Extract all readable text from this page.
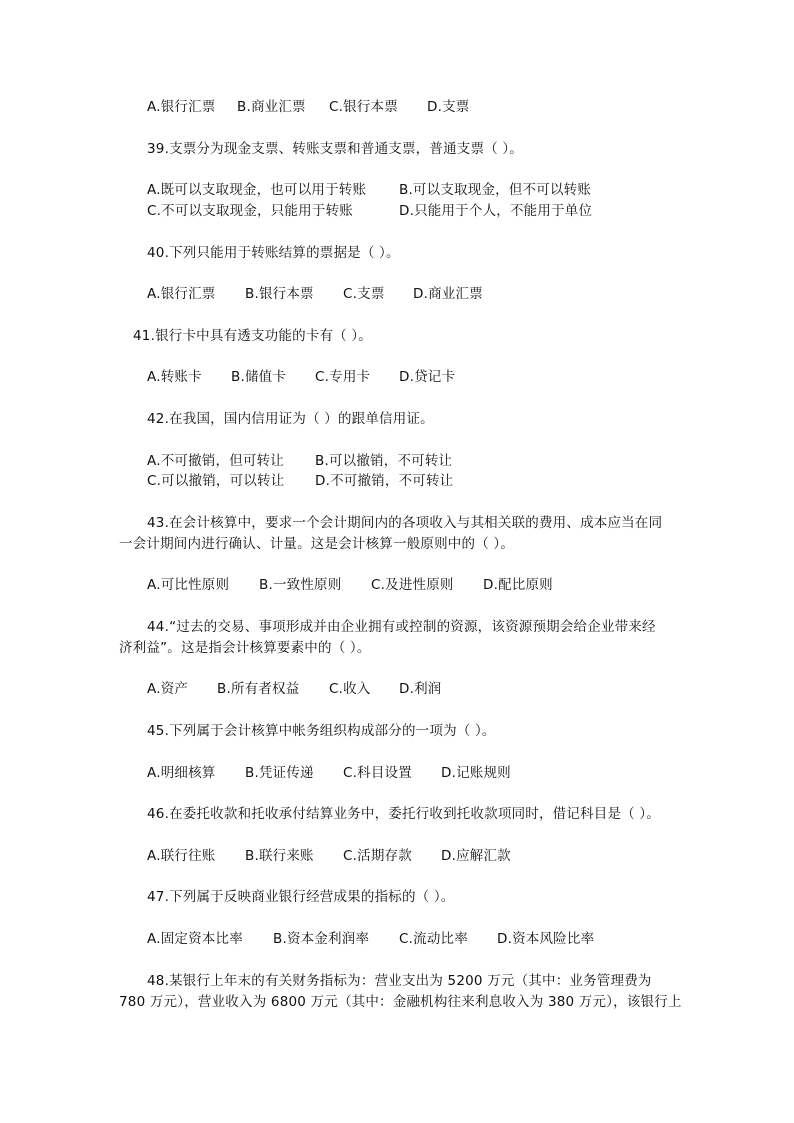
A.银行汇票 B.商业汇票 C.银行本票 D.支票
39.支票分为现金支票、转账支票和普通支票，普通支票（ ）。
A.既可以支取现金，也可以用于转账 B.可以支取现金，但不可以转账
C.不可以支取现金，只能用于转账	D.只能用于个人，不能用于单位
40.下列只能用于转账结算的票据是（ ）。
A.银行汇票 B.银行本票 C.支票 D.商业汇票
41.银行卡中具有透支功能的卡有（ ）。
A.转账卡 B.储值卡 C.专用卡 D.贷记卡
42.在我国，国内信用证为（ ）的跟单信用证。
A.不可撤销，但可转让 B.可以撤销，不可转让
C.可以撤销，可以转让 D.不可撤销，不可转让
43.在会计核算中，要求一个会计期间内的各项收入与其相关联的费用、成本应当在同
一会计期间内进行确认、计量。这是会计核算一般原则中的（ ）。
A.可比性原则 B.一致性原则 C.及进性原则 D.配比原则
44.“过去的交易、事项形成并由企业拥有或控制的资源，该资源预期会给企业带来经
济利益”。这是指会计核算要素中的（ ）。
A.资产 B.所有者权益 C.收入 D.利润
45.下列属于会计核算中帐务组织构成部分的一项为（ ）。
A.明细核算 B.凭证传递 C.科目设置 D.记账规则
46.在委托收款和托收承付结算业务中，委托行收到托收款项同时，借记科目是（ ）。
A.联行往账 B.联行来账 C.活期存款 D.应解汇款
47.下列属于反映商业银行经营成果的指标的（ ）。
A.固定资本比率 B.资本金利润率 C.流动比率 D.资本风险比率
48.某银行上年末的有关财务指标为：营业支出为 5200 万元（其中：业务管理费为
780 万元），营业收入为 6800 万元（其中：金融机构往来利息收入为 380 万元），该银行上
